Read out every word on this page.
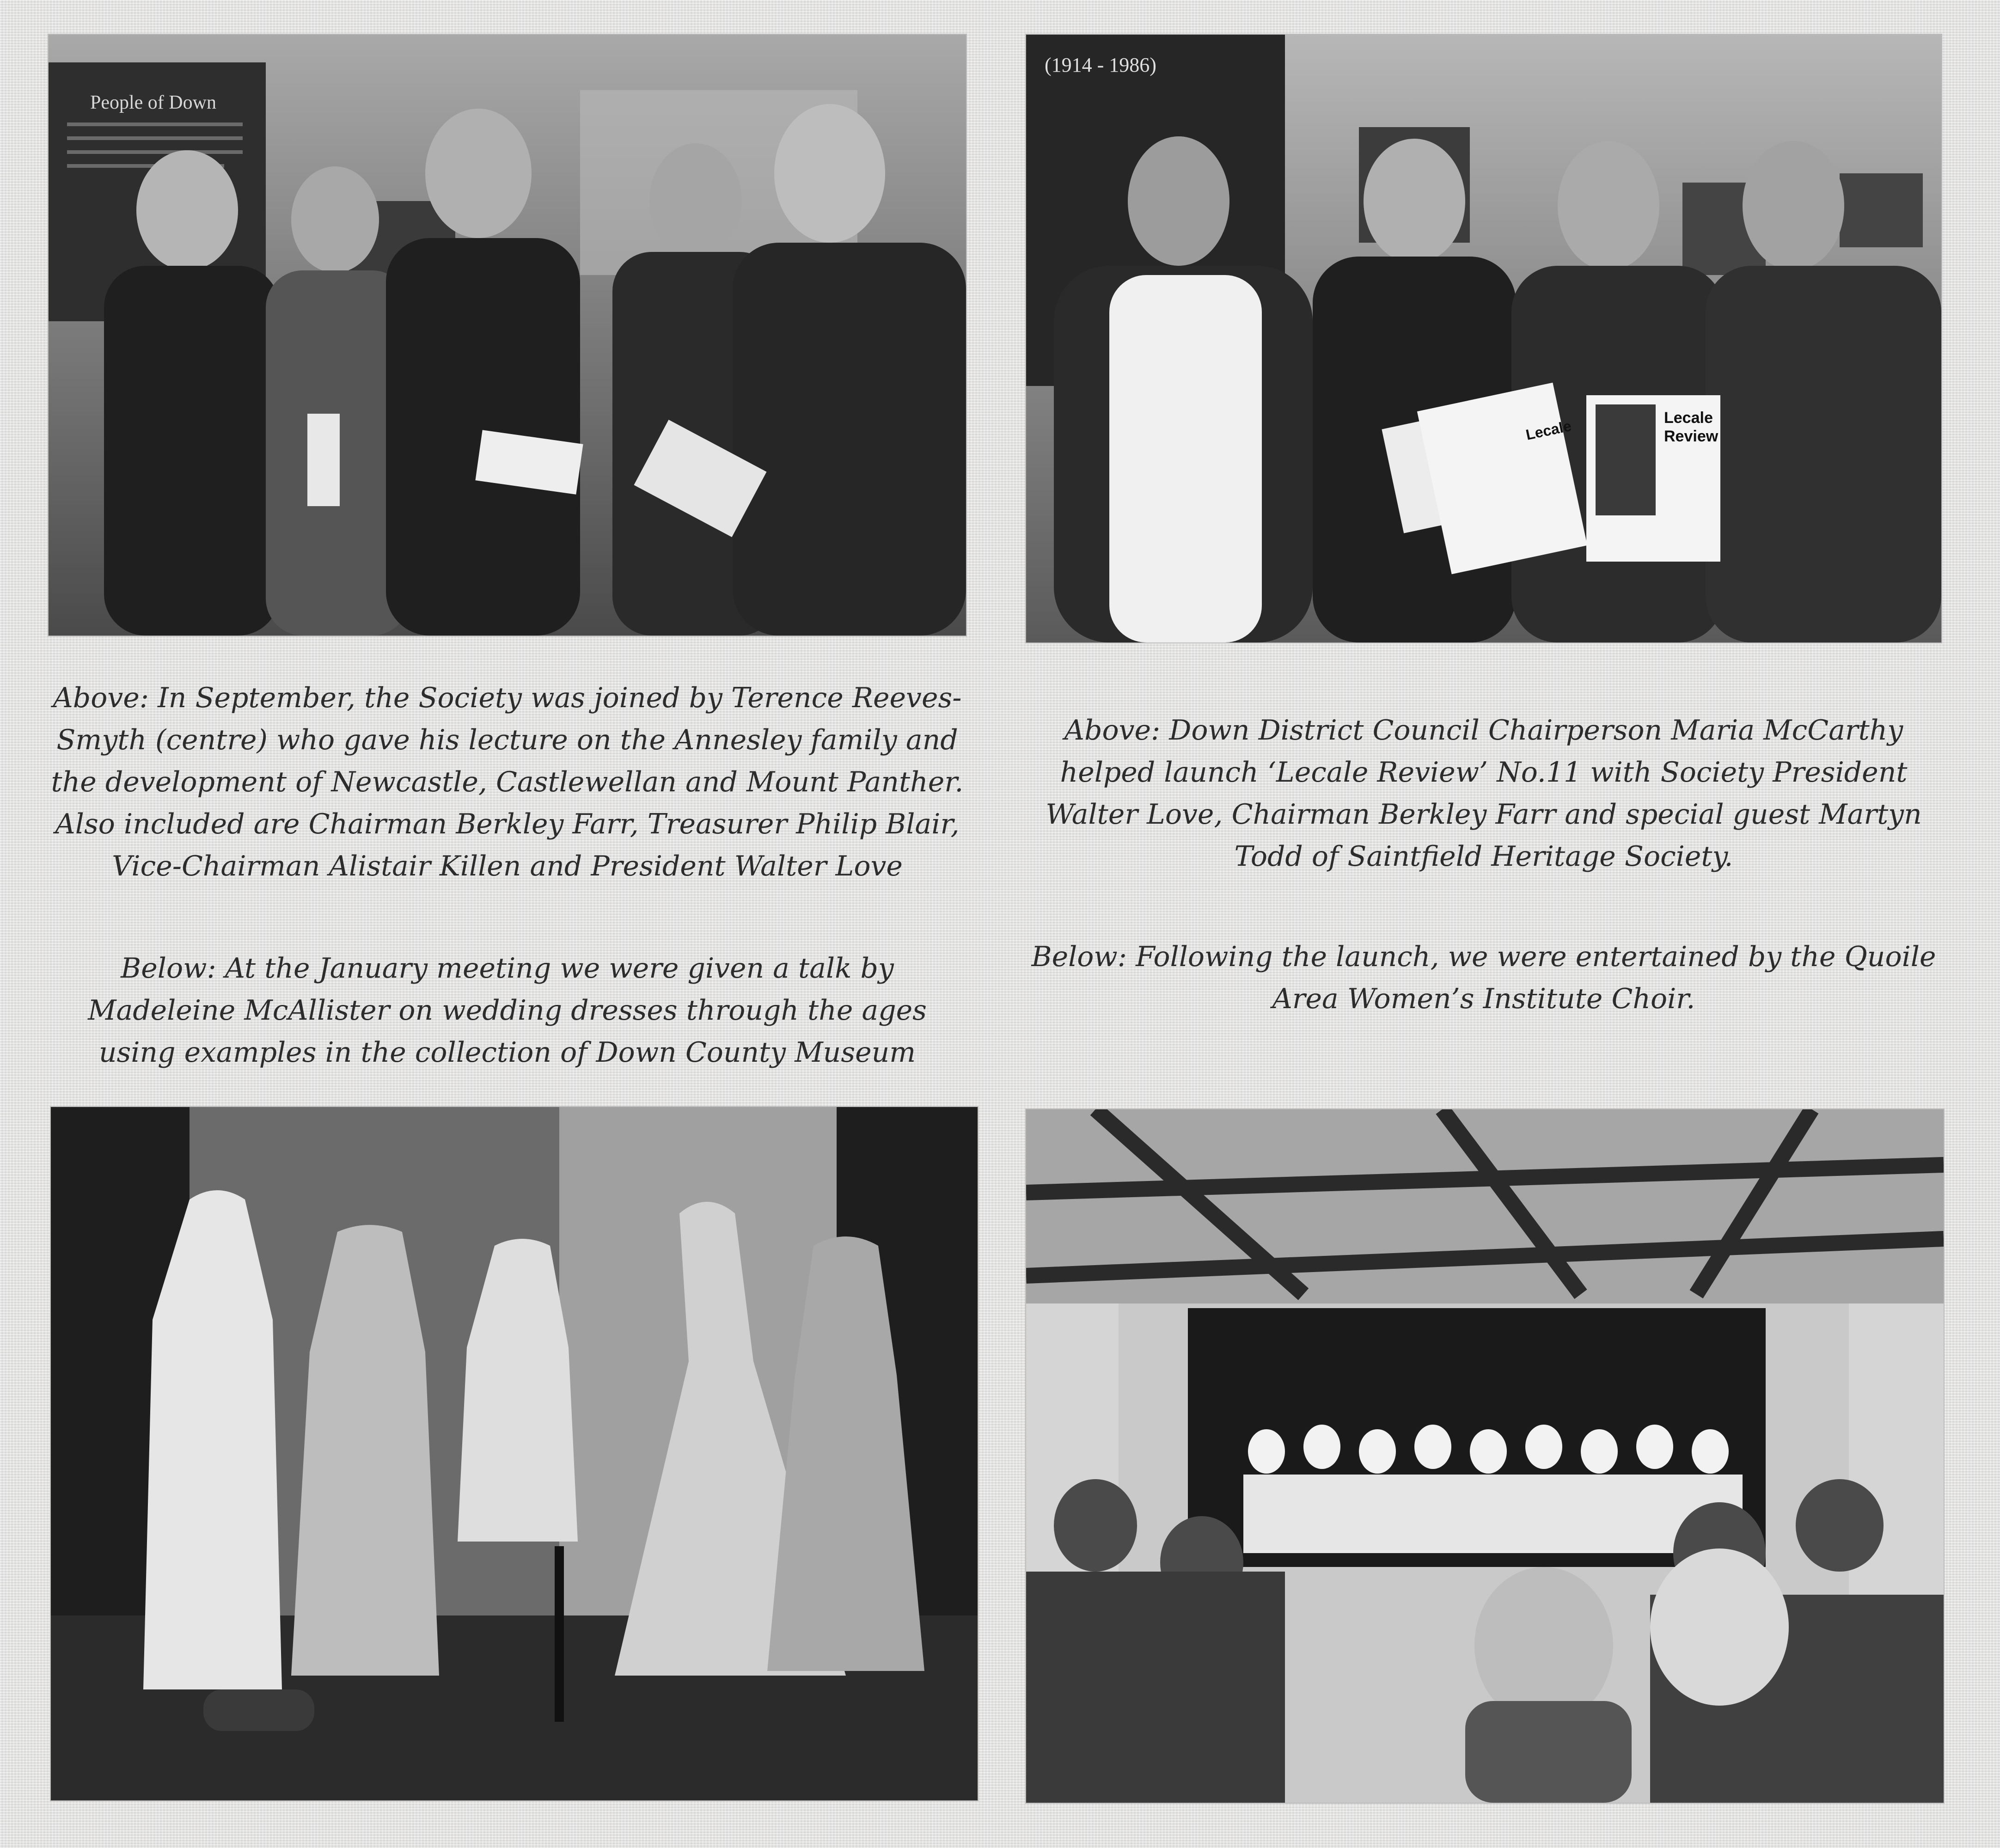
People of Down
(1914 - 1986)
Lecale	Lecale
Review

Above: In September, the Society was joined by Terence Reeves-Smyth (centre) who gave his lecture on the Annesley family and the development of Newcastle, Castlewellan and Mount Panther. Also included are Chairman Berkley Farr, Treasurer Philip Blair, Vice-Chairman Alistair Killen and President Walter Love

Below: At the January meeting we were given a talk by Madeleine McAllister on wedding dresses through the ages using examples in the collection of Down County Museum

Above: Down District Council Chairperson Maria McCarthy helped launch ‘Lecale Review’ No.11 with Society President Walter Love, Chairman Berkley Farr and special guest Martyn Todd of Saintfield Heritage Society.

Below: Following the launch, we were entertained by the Quoile Area Women’s Institute Choir.
